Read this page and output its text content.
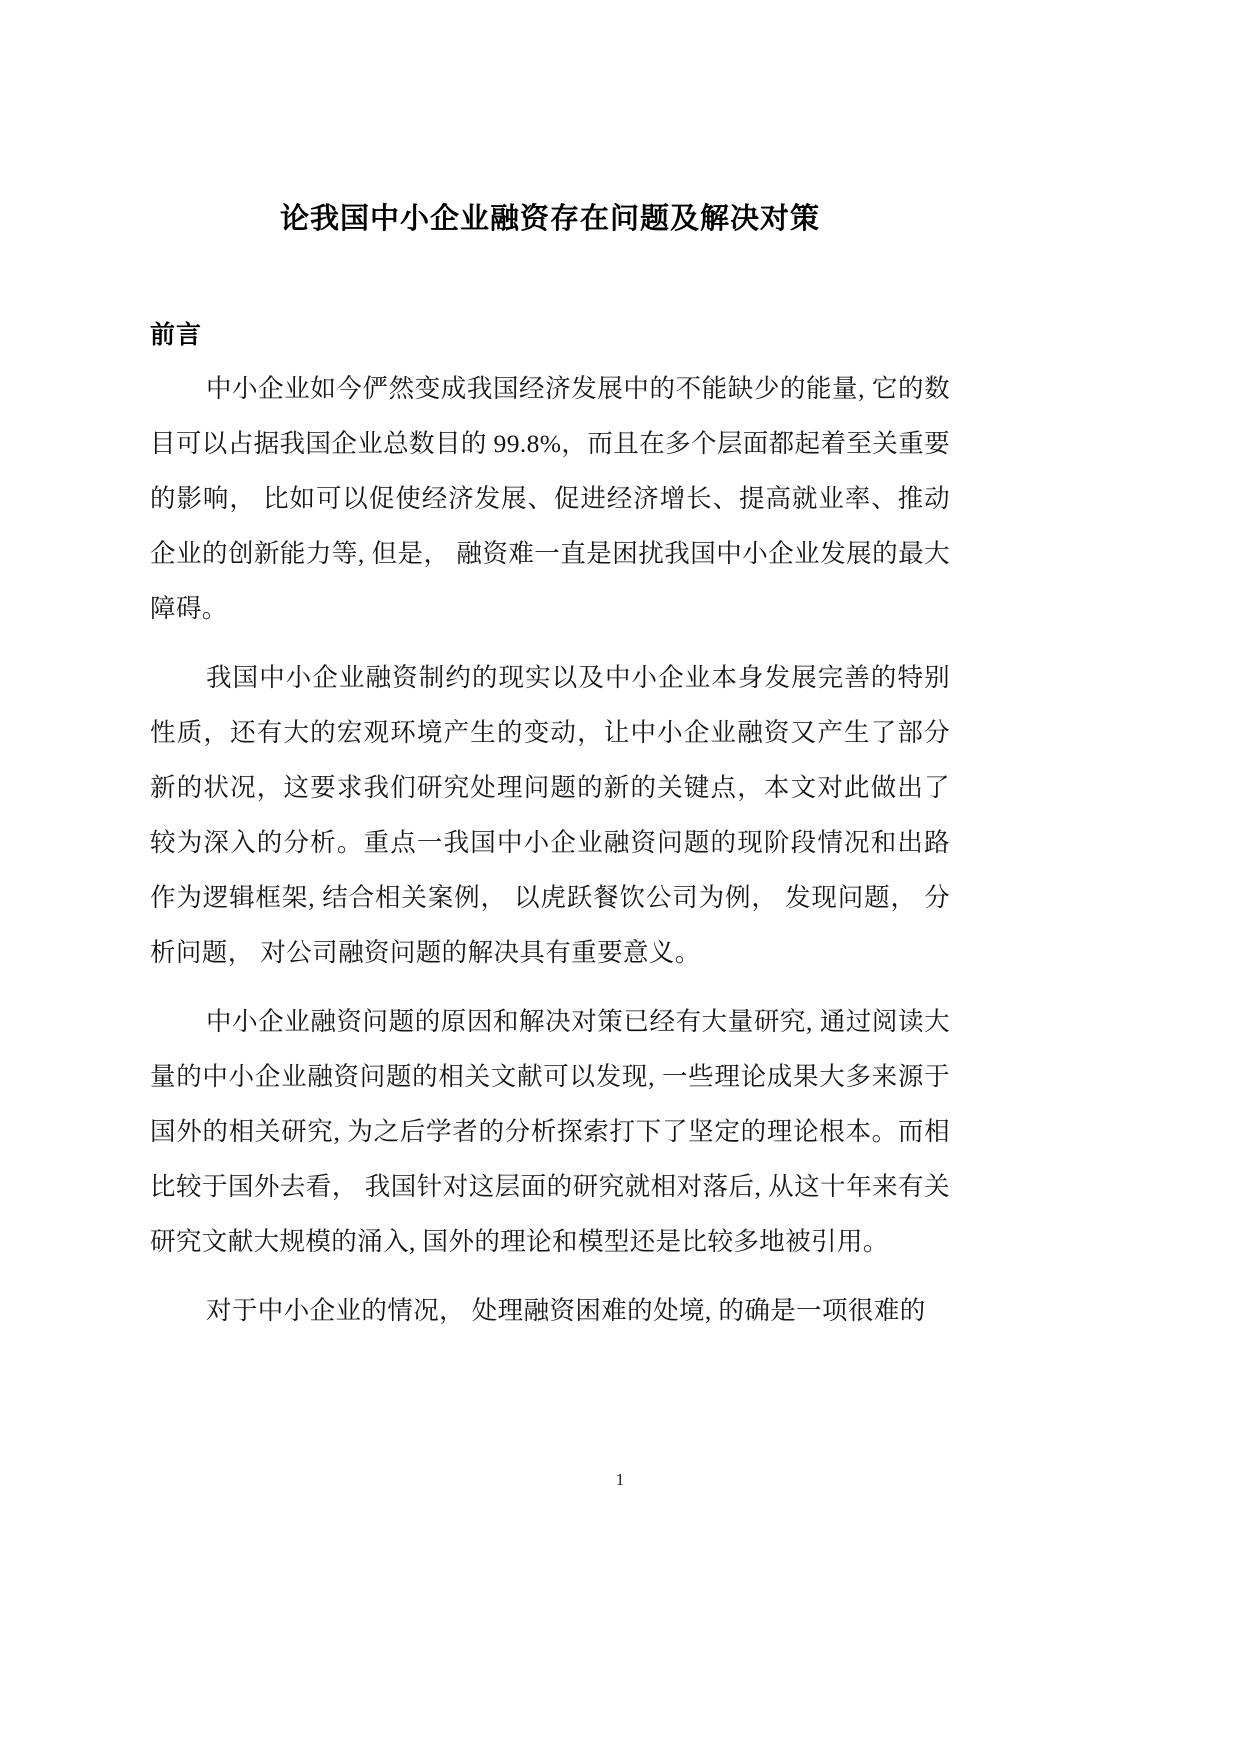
论我国中小企业融资存在问题及解决对策
前言

中小企业如今俨然变成我国经济发展中的不能缺少的能量, 它的数目可以占据我国企业总数目的 99.8%，而且在多个层面都起着至关重要的影响， 比如可以促使经济发展、促进经济增长、提高就业率、推动企业的创新能力等, 但是， 融资难一直是困扰我国中小企业发展的最大障碍。

我国中小企业融资制约的现实以及中小企业本身发展完善的特别性质，还有大的宏观环境产生的变动，让中小企业融资又产生了部分新的状况，这要求我们研究处理问题的新的关键点，本文对此做出了较为深入的分析。重点一我国中小企业融资问题的现阶段情况和出路作为逻辑框架, 结合相关案例， 以虎跃餐饮公司为例， 发现问题， 分析问题， 对公司融资问题的解决具有重要意义。

中小企业融资问题的原因和解决对策已经有大量研究, 通过阅读大量的中小企业融资问题的相关文献可以发现, 一些理论成果大多来源于国外的相关研究, 为之后学者的分析探索打下了坚定的理论根本。而相比较于国外去看， 我国针对这层面的研究就相对落后, 从这十年来有关研究文献大规模的涌入, 国外的理论和模型还是比较多地被引用。

对于中小企业的情况， 处理融资困难的处境, 的确是一项很难的

1
